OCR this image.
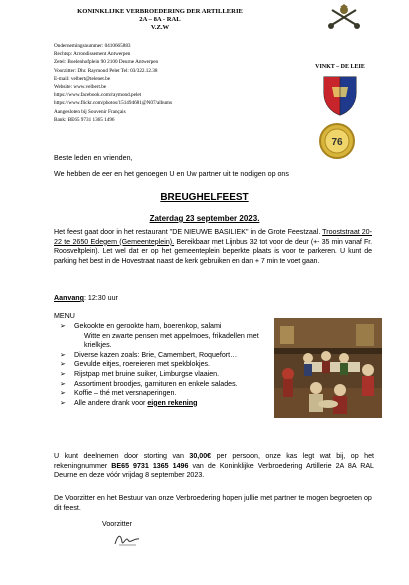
KONINKLIJKE VERBROEDERING DER ARTILLERIE
2A – 8A - RAL
V.Z.W
Ondernemingsnummer: 0410665883
Rechtsp: Arrondissement Antwerpen
Zetel: Boelenhofplein 90 2100 Deurne Antwerpen
Voorzitter: Dhr. Raymond Pelet Tel: 03/322.12.38
E-mail: velbert@telenet.be
Website: www.velbert.be
https://www.facebook.com/raymond.pelet
https://www.flickr.com/photos/151494681@N07/albums
Aangesloten bij Souvenir Français
Bank: BE65 9731 1365 1496
VINKT – DE LEIE
76
Beste leden en vrienden,
We hebben de eer en het genoegen U en Uw partner uit te nodigen op ons
BREUGHELFEEST
Zaterdag 23 september 2023.
Het feest gaat door in het restaurant "DE NIEUWE BASILIEK" in de Grote Feestzaal. Trooststraat 20-22 te 2650 Edegem (Gemeenteplein). Bereikbaar met Lijnbus 32 tot voor de deur (+- 35 min vanaf Fr. Roosveltplein). Let wel dat er op het gemeenteplein beperkte plaats is voor te parkeren. U kunt de parking het best in de Hovestraat naast de kerk gebruiken en dan + 7 min te voet gaan.
Aanvang: 12:30 uur
MENU
➢ Gekookte en gerookte ham, boerenkop, salami
Witte en zwarte pensen met appelmoes, frikadellen met krielkjes.
➢ Diverse kazen zoals: Brie, Camembert, Roquefort…
➢ Gevulde eitjes, roereieren met spekblokjes.
➢ Rijstpap met bruine suiker, Limburgse vlaaien.
➢ Assortiment broodjes, garnituren en enkele salades.
➢ Koffie – thé met versnaperingen.
➢ Alle andere drank voor eigen rekening
U kunt deelnemen door storting van 30,00€ per persoon, onze kas legt wat bij, op het rekeningnummer BE65 9731 1365 1496 van de Koninklijke Verbroedering Artillerie 2A 8A RAL Deurne en deze vóór vrijdag 8 september 2023.
De Voorzitter en het Bestuur van onze Verbroedering hopen jullie met partner te mogen begroeten op dit feest.
Voorzitter
